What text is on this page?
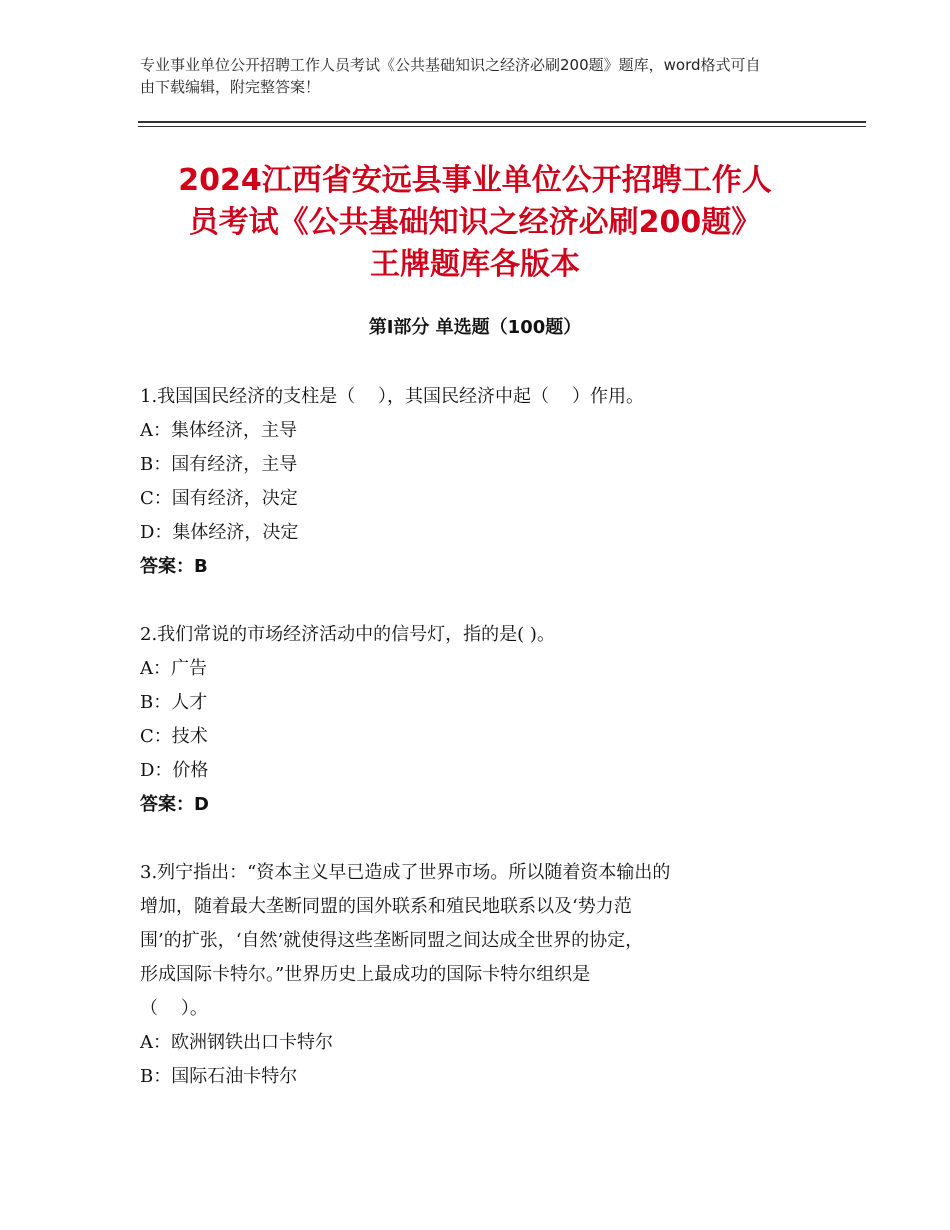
专业事业单位公开招聘工作人员考试《公共基础知识之经济必刷200题》题库，word格式可自由下载编辑，附完整答案！
2024江西省安远县事业单位公开招聘工作人
员考试《公共基础知识之经济必刷200题》
王牌题库各版本
第Ⅰ部分 单选题（100题）
1.我国国民经济的支柱是（    ），其国民经济中起（    ）作用。
A：集体经济，主导
B：国有经济，主导
C：国有经济，决定
D：集体经济，决定
答案：B
2.我们常说的市场经济活动中的信号灯，指的是( )。
A：广告
B：人才
C：技术
D：价格
答案：D
3.列宁指出：“资本主义早已造成了世界市场。所以随着资本输出的
增加，随着最大垄断同盟的国外联系和殖民地联系以及‘势力范
围’的扩张，‘自然’就使得这些垄断同盟之间达成全世界的协定，
形成国际卡特尔。”世界历史上最成功的国际卡特尔组织是
（    ）。
A：欧洲钢铁出口卡特尔
B：国际石油卡特尔
